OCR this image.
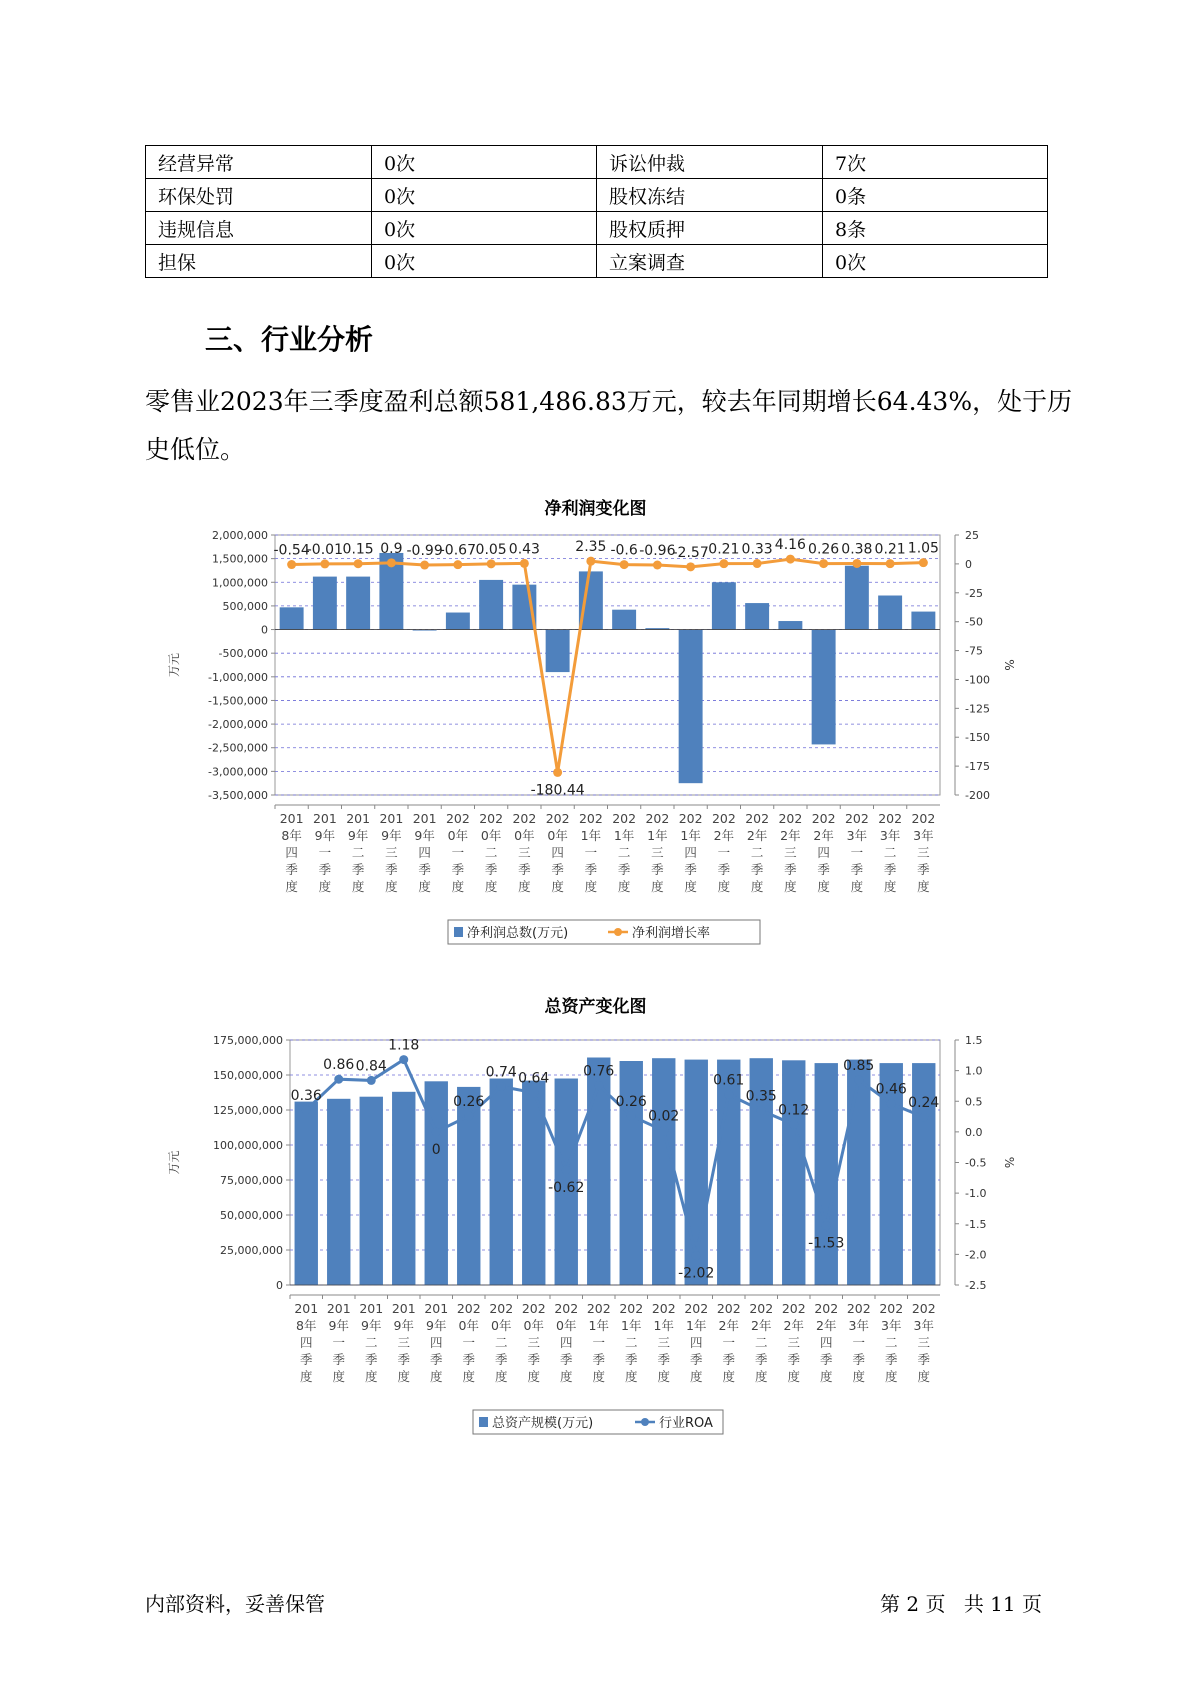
经营异常	0次	诉讼仲裁	7次
环保处罚	0次	股权冻结	0条
违规信息	0次	股权质押	8条
担保	0次	立案调查	0次
三、行业分析
零售业2023年三季度盈利总额581,486.83万元，较去年同期增长64.43%，处于历史低位。
净利润变化图
2,000,000
1,500,000
1,000,000
500,000
0
-500,000
-1,000,000
-1,500,000
-2,000,000
-2,500,000
-3,000,000
-3,500,000
25
0
-25
-50
-75
-100
-125
-150
-175
-200
万元	%
-0.54
-0.01 0.15 0.9 -0.99
-0.67 0.05 0.43
-180.44
2.35 -0.6 -0.96
-2.57 0.21 0.33 4.16 0.26 0.38 0.21 1.05
201
8年
四
季
度
201
9年
一
季
度
201
9年
二
季
度
201
9年
三
季
度
201
9年
四
季
度
202
0年
一
季
度
202
0年
二
季
度
202
0年
三
季
度
202
0年
四
季
度
202
1年
一
季
度
202
1年
二
季
度
202
1年
三
季
度
202
1年
四
季
度
202
2年
一
季
度
202
2年
二
季
度
202
2年
三
季
度
202
2年
四
季
度
202
3年
一
季
度
202
3年
二
季
度
202
3年
三
季
度
净利润总数(万元)	净利润增长率
总资产变化图
175,000,000
150,000,000
125,000,000
100,000,000
75,000,000
50,000,000
25,000,000
0
1.5
1.0
0.5
0.0
-0.5
-1.0
-1.5
-2.0
-2.5
万元	%
0.36
0.86 0.84
1.18
0
0.26
0.74 0.64
-0.62
0.76
0.26
0.02
-2.02
0.61
0.35
0.12
-1.53
0.85
0.46
0.24
201
8年
四
季
度
201
9年
一
季
度
201
9年
二
季
度
201
9年
三
季
度
201
9年
四
季
度
202
0年
一
季
度
202
0年
二
季
度
202
0年
三
季
度
202
0年
四
季
度
202
1年
一
季
度
202
1年
二
季
度
202
1年
三
季
度
202
1年
四
季
度
202
2年
一
季
度
202
2年
二
季
度
202
2年
三
季
度
202
2年
四
季
度
202
3年
一
季
度
202
3年
二
季
度
202
3年
三
季
度
总资产规模(万元)	行业ROA
内部资料，妥善保管	第 2 页 共 11 页
